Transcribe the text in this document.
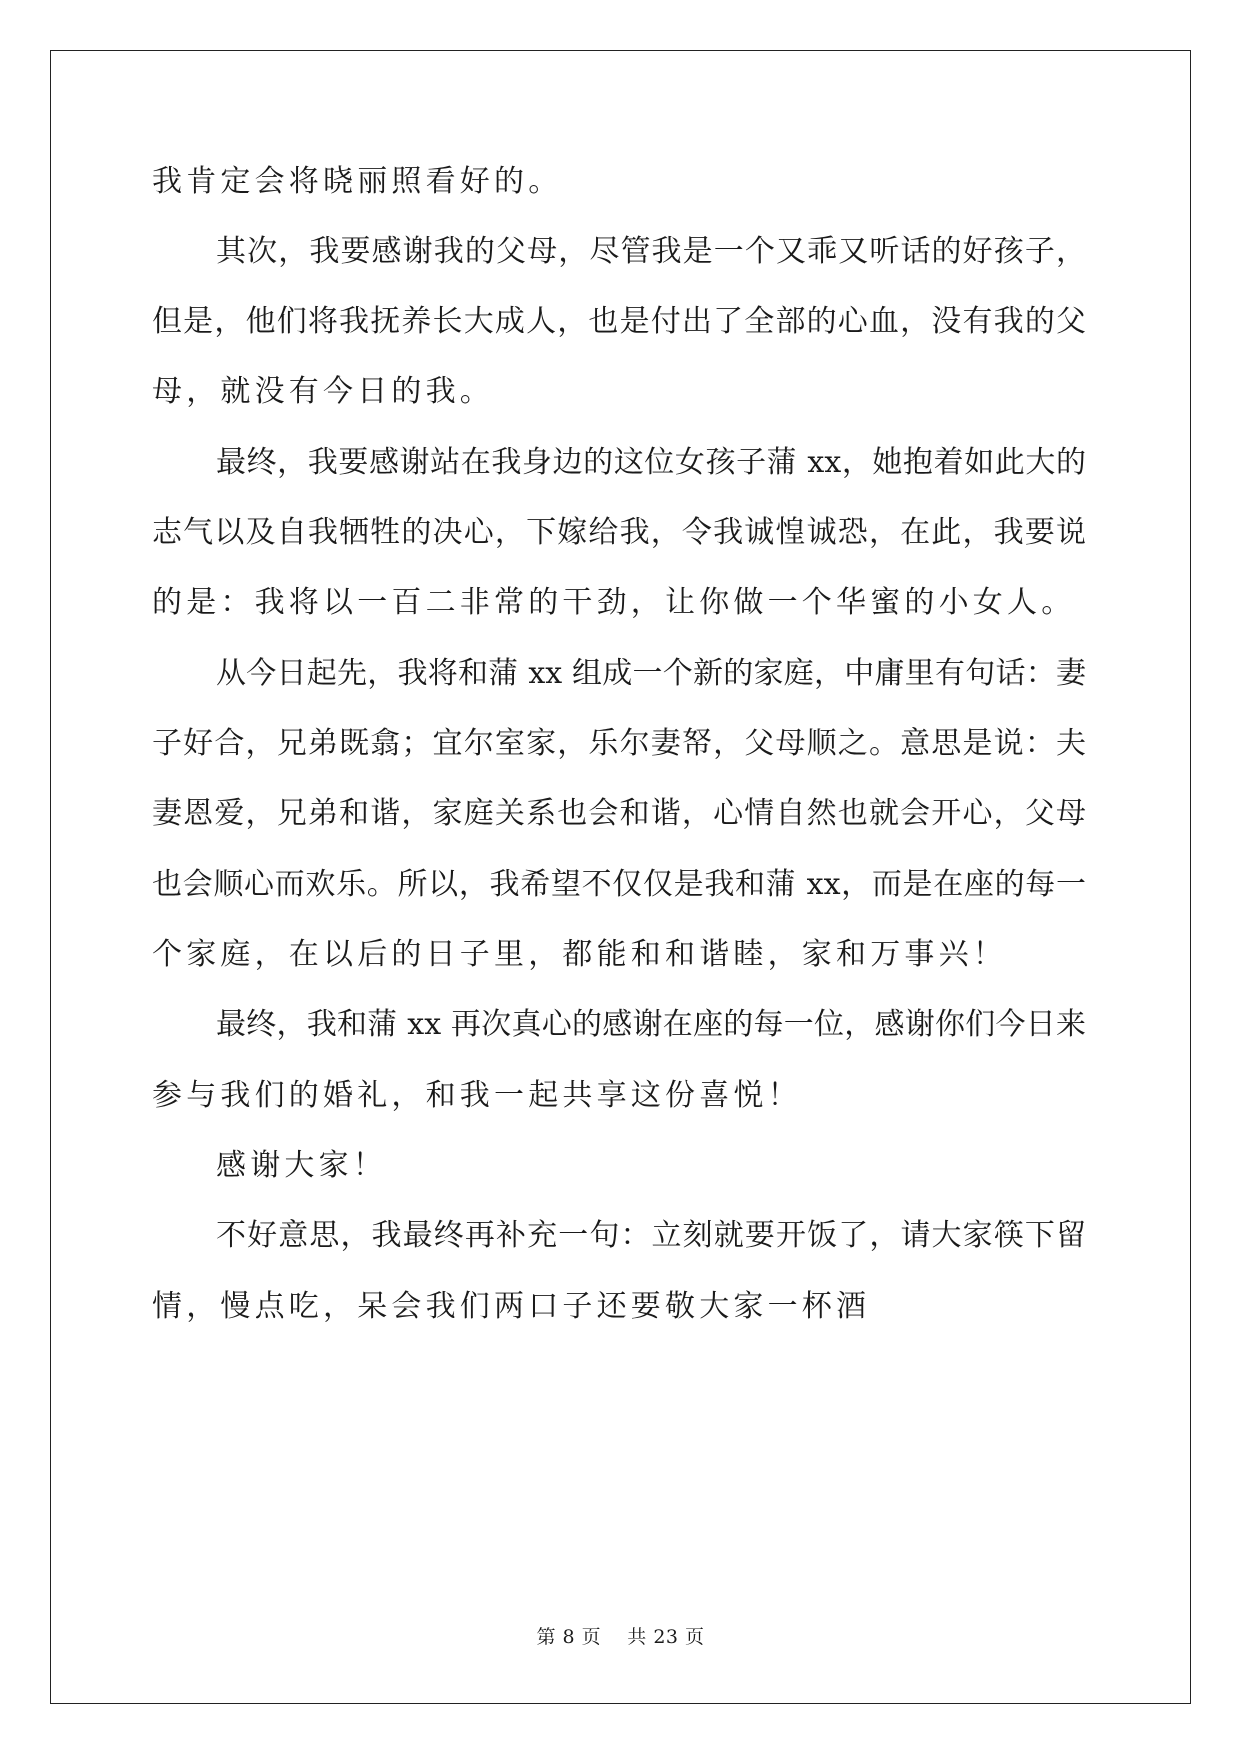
我肯定会将晓丽照看好的。
其次，我要感谢我的父母，尽管我是一个又乖又听话的好孩子，
但是，他们将我抚养长大成人，也是付出了全部的心血，没有我的父
母，就没有今日的我。
最终，我要感谢站在我身边的这位女孩子蒲 xx，她抱着如此大的
志气以及自我牺牲的决心，下嫁给我，令我诚惶诚恐，在此，我要说
的是：我将以一百二非常的干劲，让你做一个华蜜的小女人。
从今日起先，我将和蒲 xx 组成一个新的家庭，中庸里有句话：妻
子好合，兄弟既翕；宜尔室家，乐尔妻帑，父母顺之。意思是说：夫
妻恩爱，兄弟和谐，家庭关系也会和谐，心情自然也就会开心，父母
也会顺心而欢乐。所以，我希望不仅仅是我和蒲 xx，而是在座的每一
个家庭，在以后的日子里，都能和和谐睦，家和万事兴！
最终，我和蒲 xx 再次真心的感谢在座的每一位，感谢你们今日来
参与我们的婚礼，和我一起共享这份喜悦！
感谢大家！
不好意思，我最终再补充一句：立刻就要开饭了，请大家筷下留
情，慢点吃，呆会我们两口子还要敬大家一杯酒
第 8 页 共 23 页
